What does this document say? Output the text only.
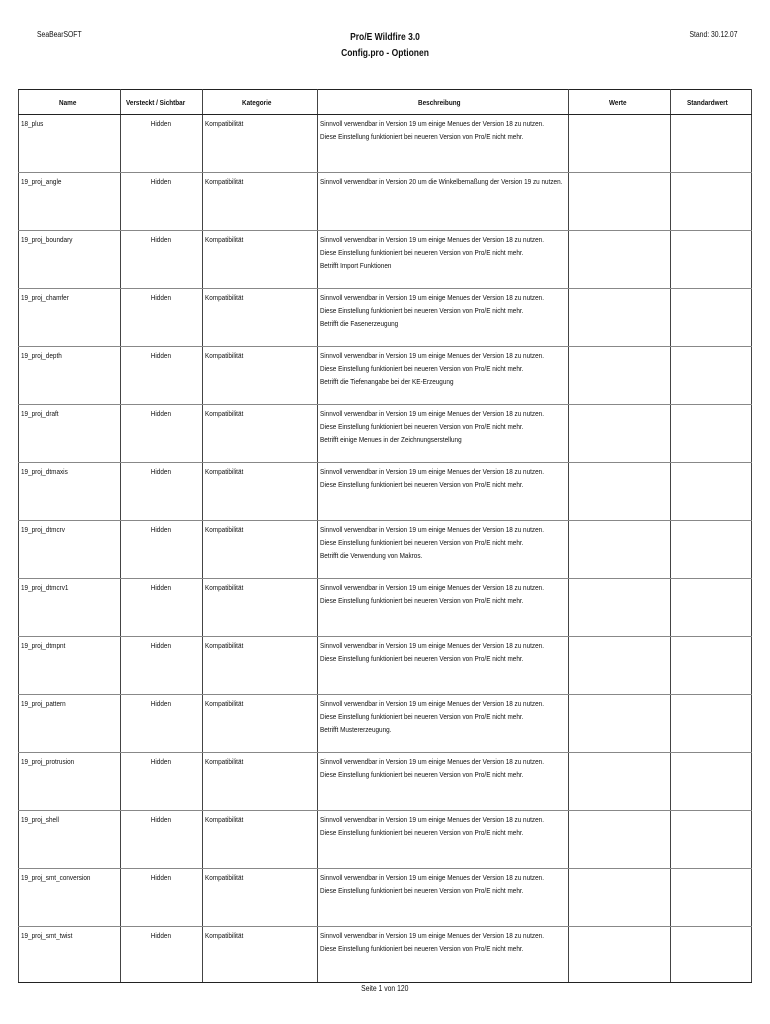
SeaBearSOFT	Pro/E Wildfire 3.0
Config.pro - Optionen
Stand: 30.12.07
Name	Versteckt / Sichtbar	Kategorie	Beschreibung	Werte	Standardwert
18_plus	Hidden	Kompatibilität	Sinnvoll verwendbar in Version 19 um einige Menues der Version 18 zu nutzen.
Diese Einstellung funktioniert bei neueren Version von Pro/E nicht mehr.		

19_proj_angle	Hidden	Kompatibilität	Sinnvoll verwendbar in Version 20 um die Winkelbemaßung der Version 19 zu nutzen.		

19_proj_boundary	Hidden	Kompatibilität	Sinnvoll verwendbar in Version 19 um einige Menues der Version 18 zu nutzen.
Diese Einstellung funktioniert bei neueren Version von Pro/E nicht mehr.
Betrifft Import Funktionen		

19_proj_chamfer	Hidden	Kompatibilität	Sinnvoll verwendbar in Version 19 um einige Menues der Version 18 zu nutzen.
Diese Einstellung funktioniert bei neueren Version von Pro/E nicht mehr.
Betrifft die Fasenerzeugung		

19_proj_depth	Hidden	Kompatibilität	Sinnvoll verwendbar in Version 19 um einige Menues der Version 18 zu nutzen.
Diese Einstellung funktioniert bei neueren Version von Pro/E nicht mehr.
Betrifft die Tiefenangabe bei der KE-Erzeugung		

19_proj_draft	Hidden	Kompatibilität	Sinnvoll verwendbar in Version 19 um einige Menues der Version 18 zu nutzen.
Diese Einstellung funktioniert bei neueren Version von Pro/E nicht mehr.
Betrifft einige Menues in der Zeichnungserstellung		

19_proj_dtmaxis	Hidden	Kompatibilität	Sinnvoll verwendbar in Version 19 um einige Menues der Version 18 zu nutzen.
Diese Einstellung funktioniert bei neueren Version von Pro/E nicht mehr.		

19_proj_dtmcrv	Hidden	Kompatibilität	Sinnvoll verwendbar in Version 19 um einige Menues der Version 18 zu nutzen.
Diese Einstellung funktioniert bei neueren Version von Pro/E nicht mehr.
Betrifft die Verwendung von Makros.		

19_proj_dtmcrv1	Hidden	Kompatibilität	Sinnvoll verwendbar in Version 19 um einige Menues der Version 18 zu nutzen.
Diese Einstellung funktioniert bei neueren Version von Pro/E nicht mehr.		

19_proj_dtmpnt	Hidden	Kompatibilität	Sinnvoll verwendbar in Version 19 um einige Menues der Version 18 zu nutzen.
Diese Einstellung funktioniert bei neueren Version von Pro/E nicht mehr.		

19_proj_pattern	Hidden	Kompatibilität	Sinnvoll verwendbar in Version 19 um einige Menues der Version 18 zu nutzen.
Diese Einstellung funktioniert bei neueren Version von Pro/E nicht mehr.
Betrifft Mustererzeugung.		

19_proj_protrusion	Hidden	Kompatibilität	Sinnvoll verwendbar in Version 19 um einige Menues der Version 18 zu nutzen.
Diese Einstellung funktioniert bei neueren Version von Pro/E nicht mehr.		

19_proj_shell	Hidden	Kompatibilität	Sinnvoll verwendbar in Version 19 um einige Menues der Version 18 zu nutzen.
Diese Einstellung funktioniert bei neueren Version von Pro/E nicht mehr.		

19_proj_smt_conversion	Hidden	Kompatibilität	Sinnvoll verwendbar in Version 19 um einige Menues der Version 18 zu nutzen.
Diese Einstellung funktioniert bei neueren Version von Pro/E nicht mehr.		

19_proj_smt_twist	Hidden	Kompatibilität	Sinnvoll verwendbar in Version 19 um einige Menues der Version 18 zu nutzen.
Diese Einstellung funktioniert bei neueren Version von Pro/E nicht mehr.		

Seite 1 von 120
